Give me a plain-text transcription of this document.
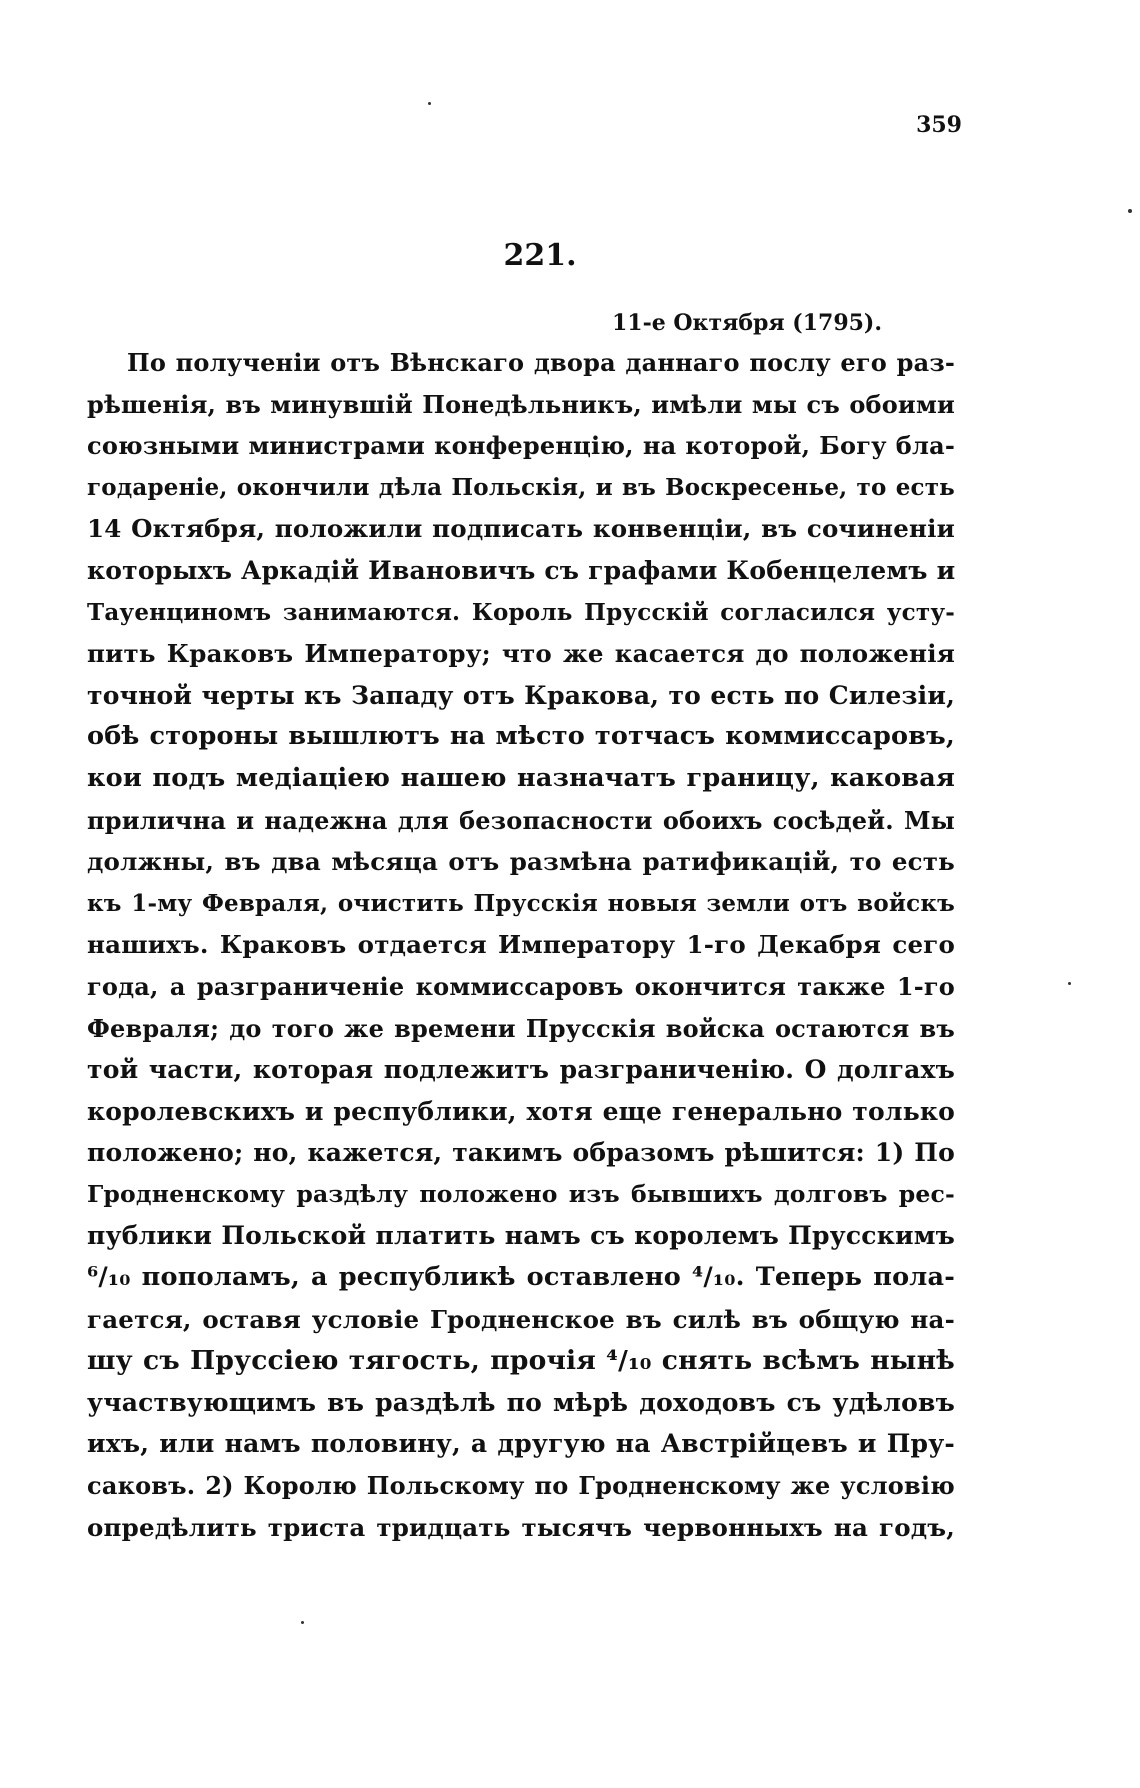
359
221.
11-е Октября (1795).
По полученіи отъ Вѣнскаго двора даннаго послу его раз-
рѣшенія, въ минувшій Понедѣльникъ, имѣли мы съ обоими
союзными министрами конференцію, на которой, Богу бла-
годареніе, окончили дѣла Польскія, и въ Воскресенье, то есть
14 Октября, положили подписать конвенціи, въ сочиненіи
которыхъ Аркадій Ивановичъ съ графами Кобенцелемъ и
Тауенциномъ занимаются. Король Прусскій согласился усту-
пить Краковъ Императору; что же касается до положенія
точной черты къ Западу отъ Кракова, то есть по Силезіи,
обѣ стороны вышлютъ на мѣсто тотчасъ коммиссаровъ,
кои подъ медіаціею нашею назначатъ границу, каковая
прилична и надежна для безопасности обоихъ сосѣдей. Мы
должны, въ два мѣсяца отъ размѣна ратификацій, то есть
къ 1-му Февраля, очистить Прусскія новыя земли отъ войскъ
нашихъ. Краковъ отдается Императору 1-го Декабря сего
года, а разграниченіе коммиссаровъ окончится также 1-го
Февраля; до того же времени Прусскія войска остаются въ
той части, которая подлежитъ разграниченію. О долгахъ
королевскихъ и республики, хотя еще генерально только
положено; но, кажется, такимъ образомъ рѣшится: 1) По
Гродненскому раздѣлу положено изъ бывшихъ долговъ рес-
публики Польской платить намъ съ королемъ Прусскимъ
⁶/₁₀ пополамъ, а республикѣ оставлено ⁴/₁₀. Теперь пола-
гается, оставя условіе Гродненское въ силѣ въ общую на-
шу съ Пруссіею тягость, прочія ⁴/₁₀ снять всѣмъ нынѣ
участвующимъ въ раздѣлѣ по мѣрѣ доходовъ съ удѣловъ
ихъ, или намъ половину, а другую на Австрійцевъ и Пру-
саковъ. 2) Королю Польскому по Гродненскому же условію
опредѣлить триста тридцать тысячъ червонныхъ на годъ,
